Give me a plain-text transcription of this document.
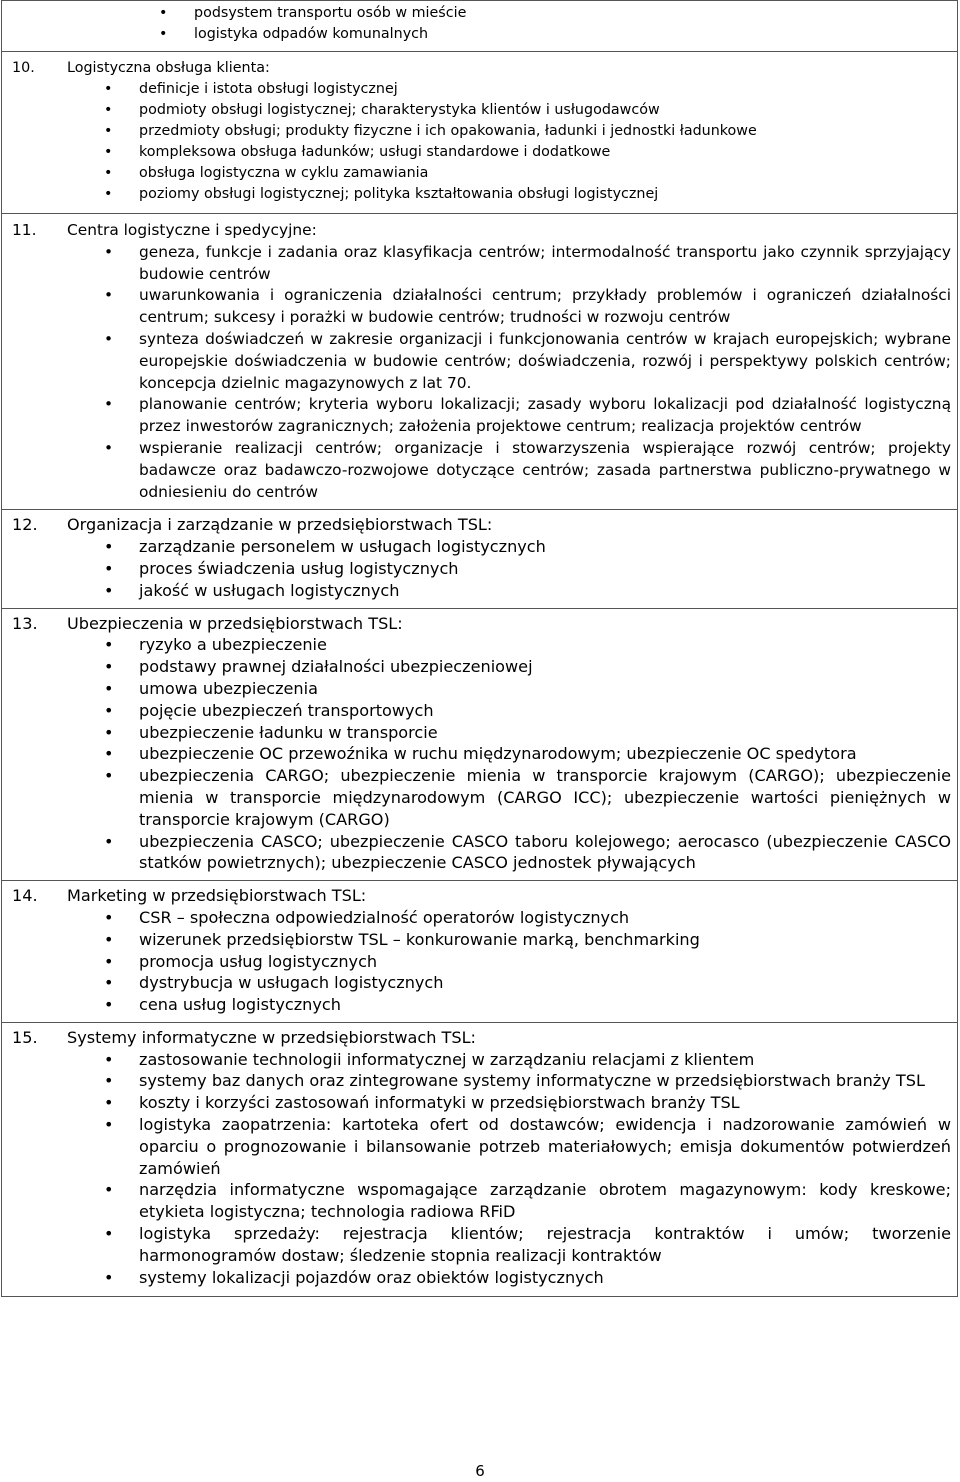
• podsystem transportu osób w mieście
• logistyka odpadów komunalnych

10.	Logistyczna obsługa klienta:
• definicje i istota obsługi logistycznej
• podmioty obsługi logistycznej; charakterystyka klientów i usługodawców
• przedmioty obsługi; produkty fizyczne i ich opakowania, ładunki i jednostki ładunkowe
• kompleksowa obsługa ładunków; usługi standardowe i dodatkowe
• obsługa logistyczna w cyklu zamawiania
• poziomy obsługi logistycznej; polityka kształtowania obsługi logistycznej

11.	Centra logistyczne i spedycyjne:
• geneza, funkcje i zadania oraz klasyfikacja centrów; intermodalność transportu jako czynnik sprzyjający budowie centrów
• uwarunkowania i ograniczenia działalności centrum; przykłady problemów i ograniczeń działalności centrum; sukcesy i porażki w budowie centrów; trudności w rozwoju centrów
• synteza doświadczeń w zakresie organizacji i funkcjonowania centrów w krajach europejskich; wybrane europejskie doświadczenia w budowie centrów; doświadczenia, rozwój i perspektywy polskich centrów; koncepcja dzielnic magazynowych z lat 70.
• planowanie centrów; kryteria wyboru lokalizacji; zasady wyboru lokalizacji pod działalność logistyczną przez inwestorów zagranicznych; założenia projektowe centrum; realizacja projektów centrów
• wspieranie realizacji centrów; organizacje i stowarzyszenia wspierające rozwój centrów; projekty badawcze oraz badawczo-rozwojowe dotyczące centrów; zasada partnerstwa publiczno-prywatnego w odniesieniu do centrów

12.	Organizacja i zarządzanie w przedsiębiorstwach TSL:
• zarządzanie personelem w usługach logistycznych
• proces świadczenia usług logistycznych
• jakość w usługach logistycznych

13.	Ubezpieczenia w przedsiębiorstwach TSL:
• ryzyko a ubezpieczenie
• podstawy prawnej działalności ubezpieczeniowej
• umowa ubezpieczenia
• pojęcie ubezpieczeń transportowych
• ubezpieczenie ładunku w transporcie
• ubezpieczenie OC przewoźnika w ruchu międzynarodowym; ubezpieczenie OC spedytora
• ubezpieczenia CARGO; ubezpieczenie mienia w transporcie krajowym (CARGO); ubezpieczenie mienia w transporcie międzynarodowym (CARGO ICC); ubezpieczenie wartości pieniężnych w transporcie krajowym (CARGO)
• ubezpieczenia CASCO; ubezpieczenie CASCO taboru kolejowego; aerocasco (ubezpieczenie CASCO statków powietrznych); ubezpieczenie CASCO jednostek pływających

14.	Marketing w przedsiębiorstwach TSL:
• CSR – społeczna odpowiedzialność operatorów logistycznych
• wizerunek przedsiębiorstw TSL – konkurowanie marką, benchmarking
• promocja usług logistycznych
• dystrybucja w usługach logistycznych
• cena usług logistycznych

15.	Systemy informatyczne w przedsiębiorstwach TSL:
• zastosowanie technologii informatycznej w zarządzaniu relacjami z klientem
• systemy baz danych oraz zintegrowane systemy informatyczne w przedsiębiorstwach branży TSL
• koszty i korzyści zastosowań informatyki w przedsiębiorstwach branży TSL
• logistyka zaopatrzenia: kartoteka ofert od dostawców; ewidencja i nadzorowanie zamówień w oparciu o prognozowanie i bilansowanie potrzeb materiałowych; emisja dokumentów potwierdzeń zamówień
• narzędzia informatyczne wspomagające zarządzanie obrotem magazynowym: kody kreskowe; etykieta logistyczna; technologia radiowa RFiD
• logistyka sprzedaży: rejestracja klientów; rejestracja kontraktów i umów; tworzenie harmonogramów dostaw; śledzenie stopnia realizacji kontraktów
• systemy lokalizacji pojazdów oraz obiektów logistycznych
6
